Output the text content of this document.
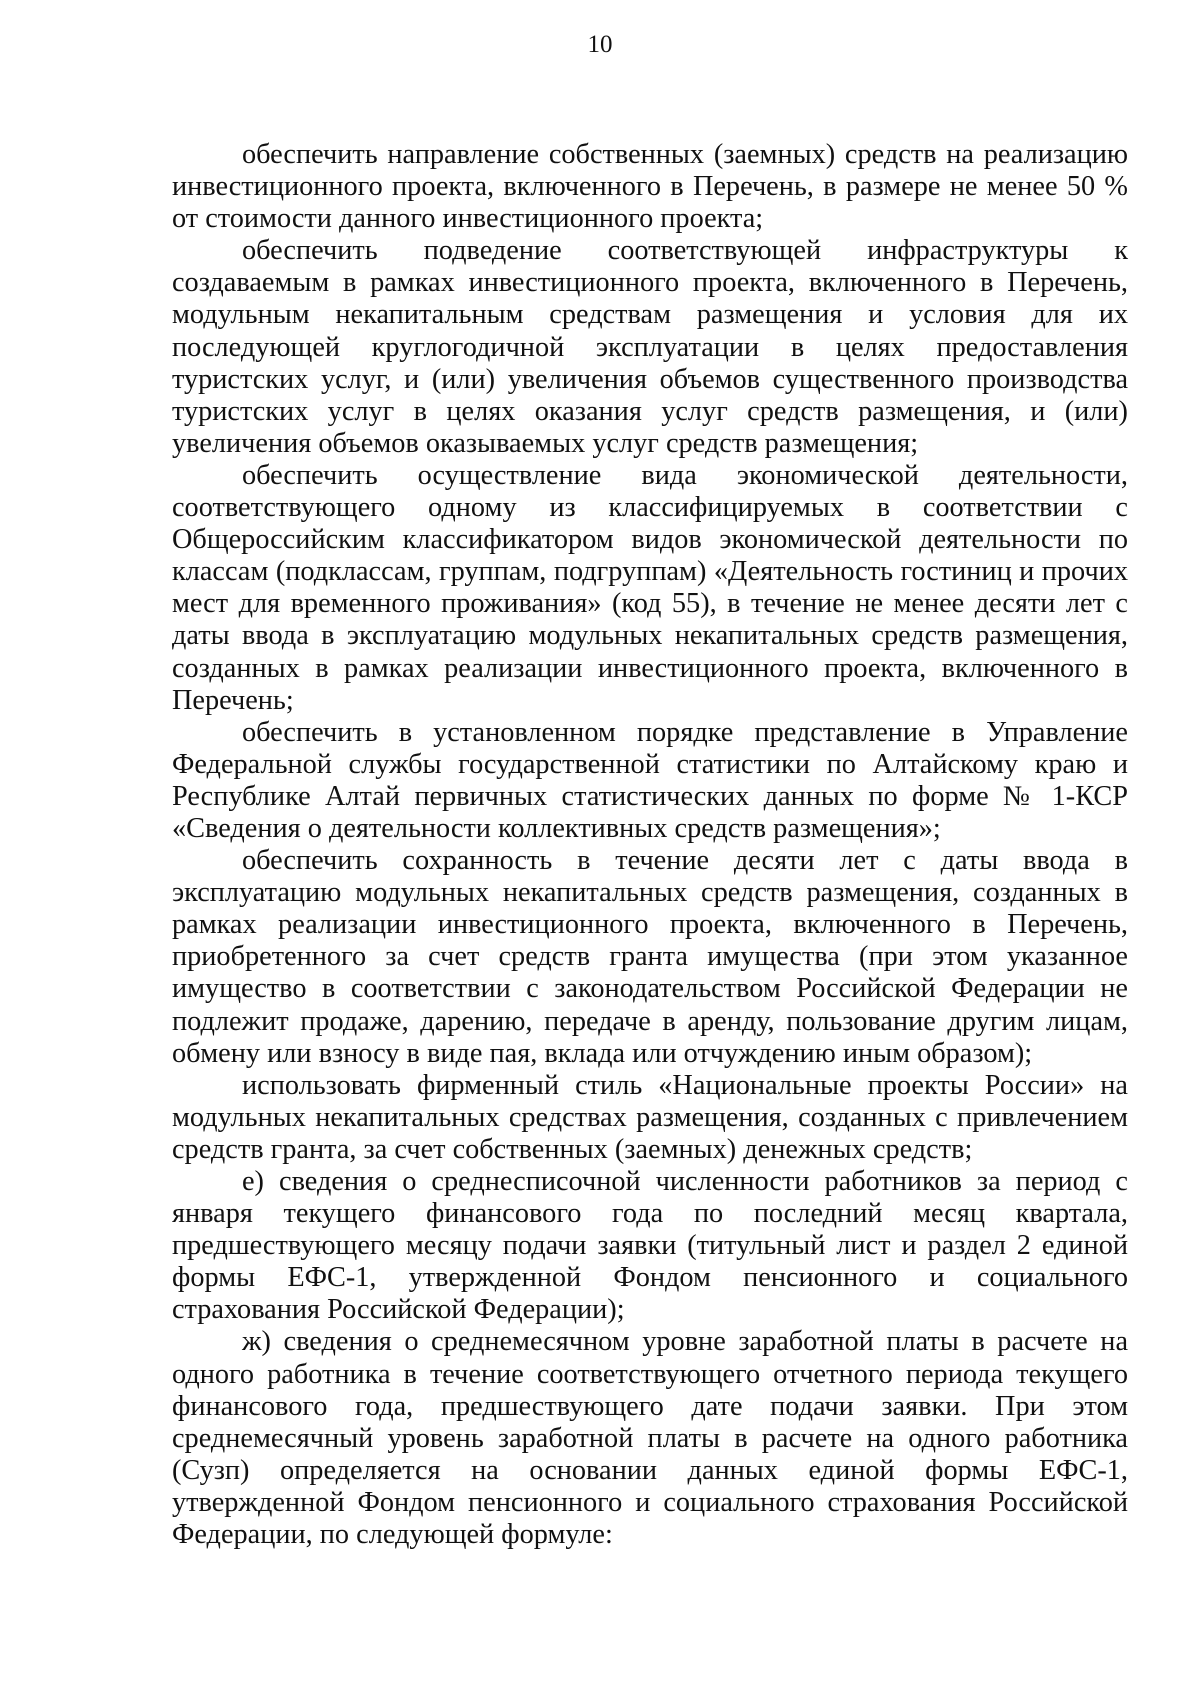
10

обеспечить направление собственных (заемных) средств на реализацию инвестиционного проекта, включенного в Перечень, в размере не менее 50 % от стоимости данного инвестиционного проекта;

обеспечить подведение соответствующей инфраструктуры к создаваемым в рамках инвестиционного проекта, включенного в Перечень, модульным некапитальным средствам размещения и условия для их последующей круглогодичной эксплуатации в целях предоставления туристских услуг, и (или) увеличения объемов существенного производства туристских услуг в целях оказания услуг средств размещения, и (или) увеличения объемов оказываемых услуг средств размещения;

обеспечить осуществление вида экономической деятельности, соответствующего одному из классифицируемых в соответствии с Общероссийским классификатором видов экономической деятельности по классам (подклассам, группам, подгруппам) «Деятельность гостиниц и прочих мест для временного проживания» (код 55), в течение не менее десяти лет с даты ввода в эксплуатацию модульных некапитальных средств размещения, созданных в рамках реализации инвестиционного проекта, включенного в Перечень;

обеспечить в установленном порядке представление в Управление Федеральной службы государственной статистики по Алтайскому краю и Республике Алтай первичных статистических данных по форме № 1-КСР «Сведения о деятельности коллективных средств размещения»;

обеспечить сохранность в течение десяти лет с даты ввода в эксплуатацию модульных некапитальных средств размещения, созданных в рамках реализации инвестиционного проекта, включенного в Перечень, приобретенного за счет средств гранта имущества (при этом указанное имущество в соответствии с законодательством Российской Федерации не подлежит продаже, дарению, передаче в аренду, пользование другим лицам, обмену или взносу в виде пая, вклада или отчуждению иным образом);

использовать фирменный стиль «Национальные проекты России» на модульных некапитальных средствах размещения, созданных с привлечением средств гранта, за счет собственных (заемных) денежных средств;

е) сведения о среднесписочной численности работников за период с января текущего финансового года по последний месяц квартала, предшествующего месяцу подачи заявки (титульный лист и раздел 2 единой формы ЕФС-1, утвержденной Фондом пенсионного и социального страхования Российской Федерации);

ж) сведения о среднемесячном уровне заработной платы в расчете на одного работника в течение соответствующего отчетного периода текущего финансового года, предшествующего дате подачи заявки. При этом среднемесячный уровень заработной платы в расчете на одного работника (Сузп) определяется на основании данных единой формы ЕФС-1, утвержденной Фондом пенсионного и социального страхования Российской Федерации, по следующей формуле:
